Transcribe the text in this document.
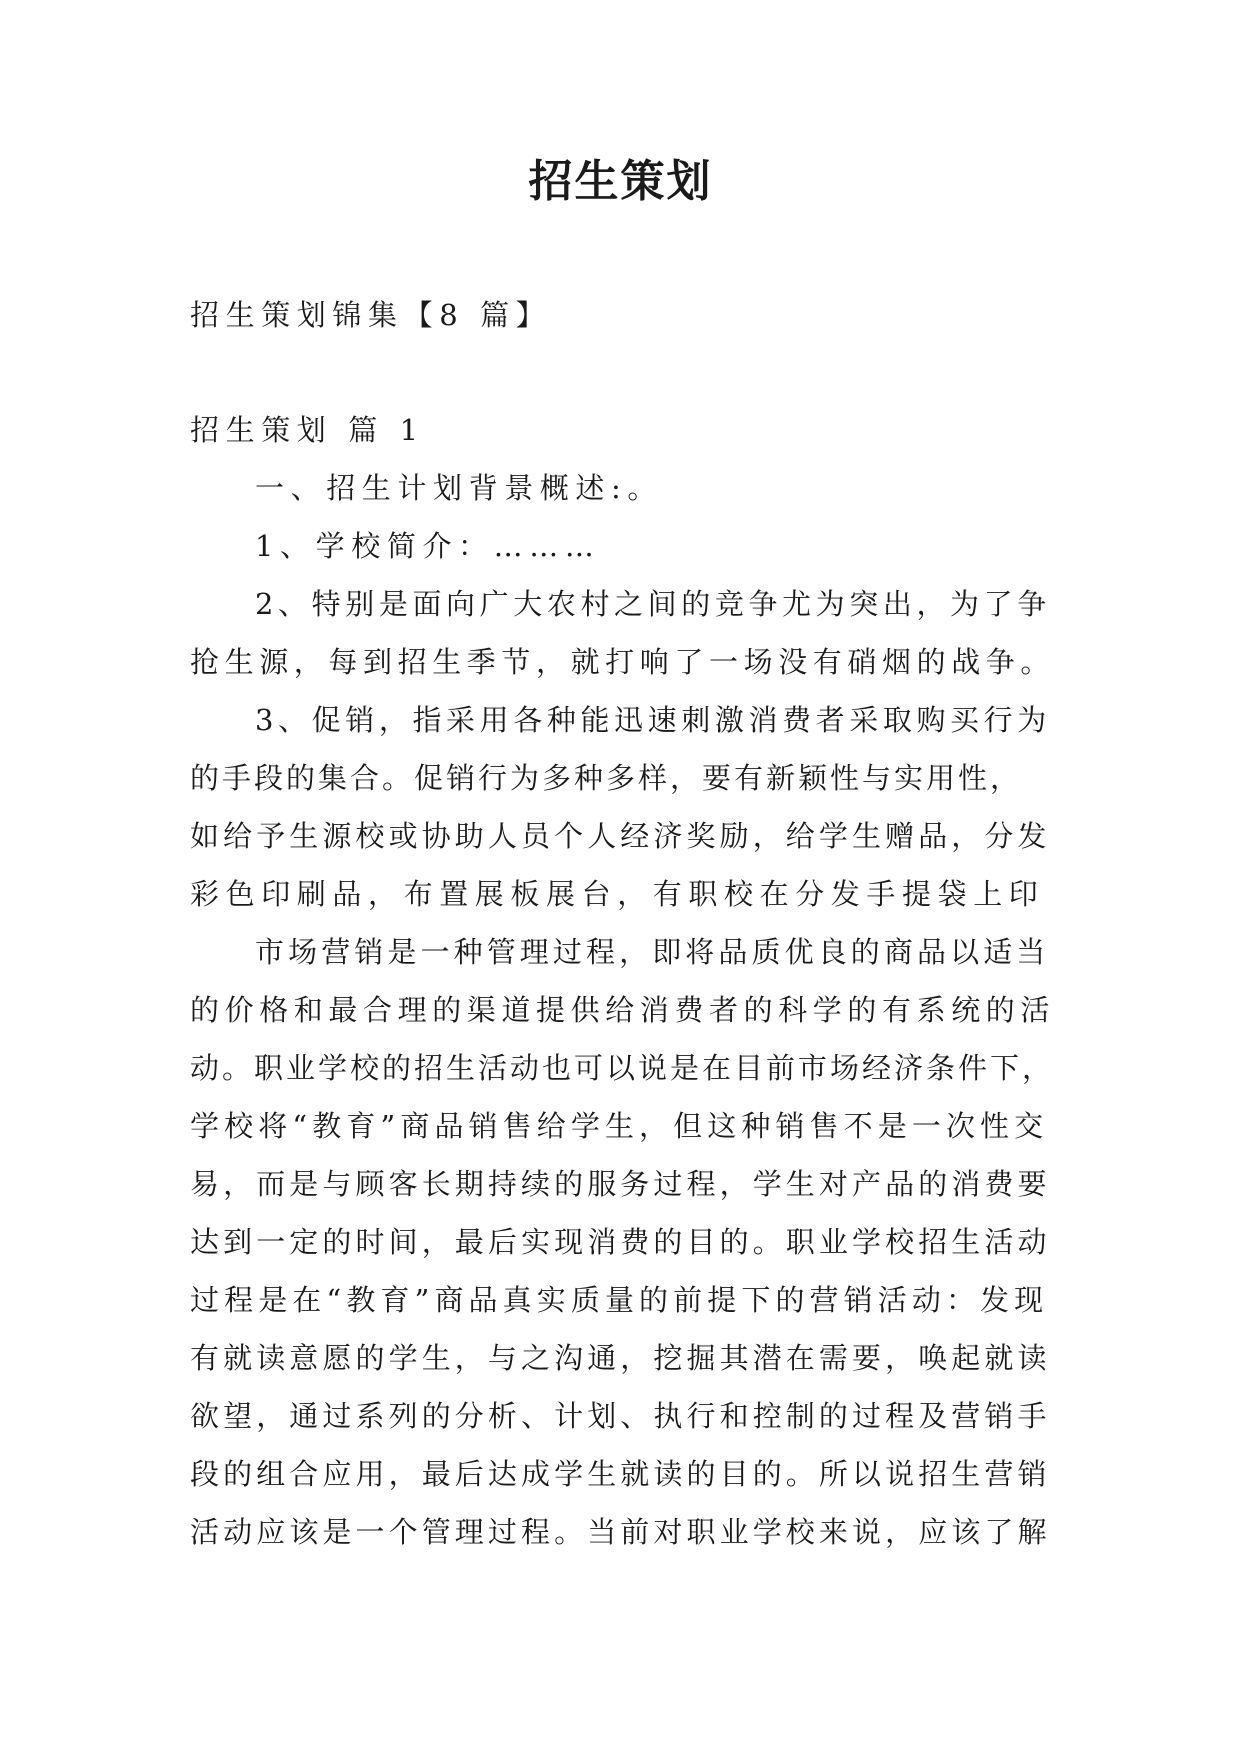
招生策划
招生策划锦集【8 篇】
招生策划 篇 1
一、招生计划背景概述:。
1、学校简介：………
2、特别是面向广大农村之间的竞争尤为突出，为了争
抢生源，每到招生季节，就打响了一场没有硝烟的战争。
3、促销，指采用各种能迅速刺激消费者采取购买行为
的手段的集合。促销行为多种多样，要有新颖性与实用性，
如给予生源校或协助人员个人经济奖励，给学生赠品，分发
彩色印刷品，布置展板展台，有职校在分发手提袋上印
市场营销是一种管理过程，即将品质优良的商品以适当
的价格和最合理的渠道提供给消费者的科学的有系统的活
动。职业学校的招生活动也可以说是在目前市场经济条件下，
学校将“教育”商品销售给学生，但这种销售不是一次性交
易，而是与顾客长期持续的服务过程，学生对产品的消费要
达到一定的时间，最后实现消费的目的。职业学校招生活动
过程是在“教育”商品真实质量的前提下的营销活动：发现
有就读意愿的学生，与之沟通，挖掘其潜在需要，唤起就读
欲望，通过系列的分析、计划、执行和控制的过程及营销手
段的组合应用，最后达成学生就读的目的。所以说招生营销
活动应该是一个管理过程。当前对职业学校来说，应该了解
